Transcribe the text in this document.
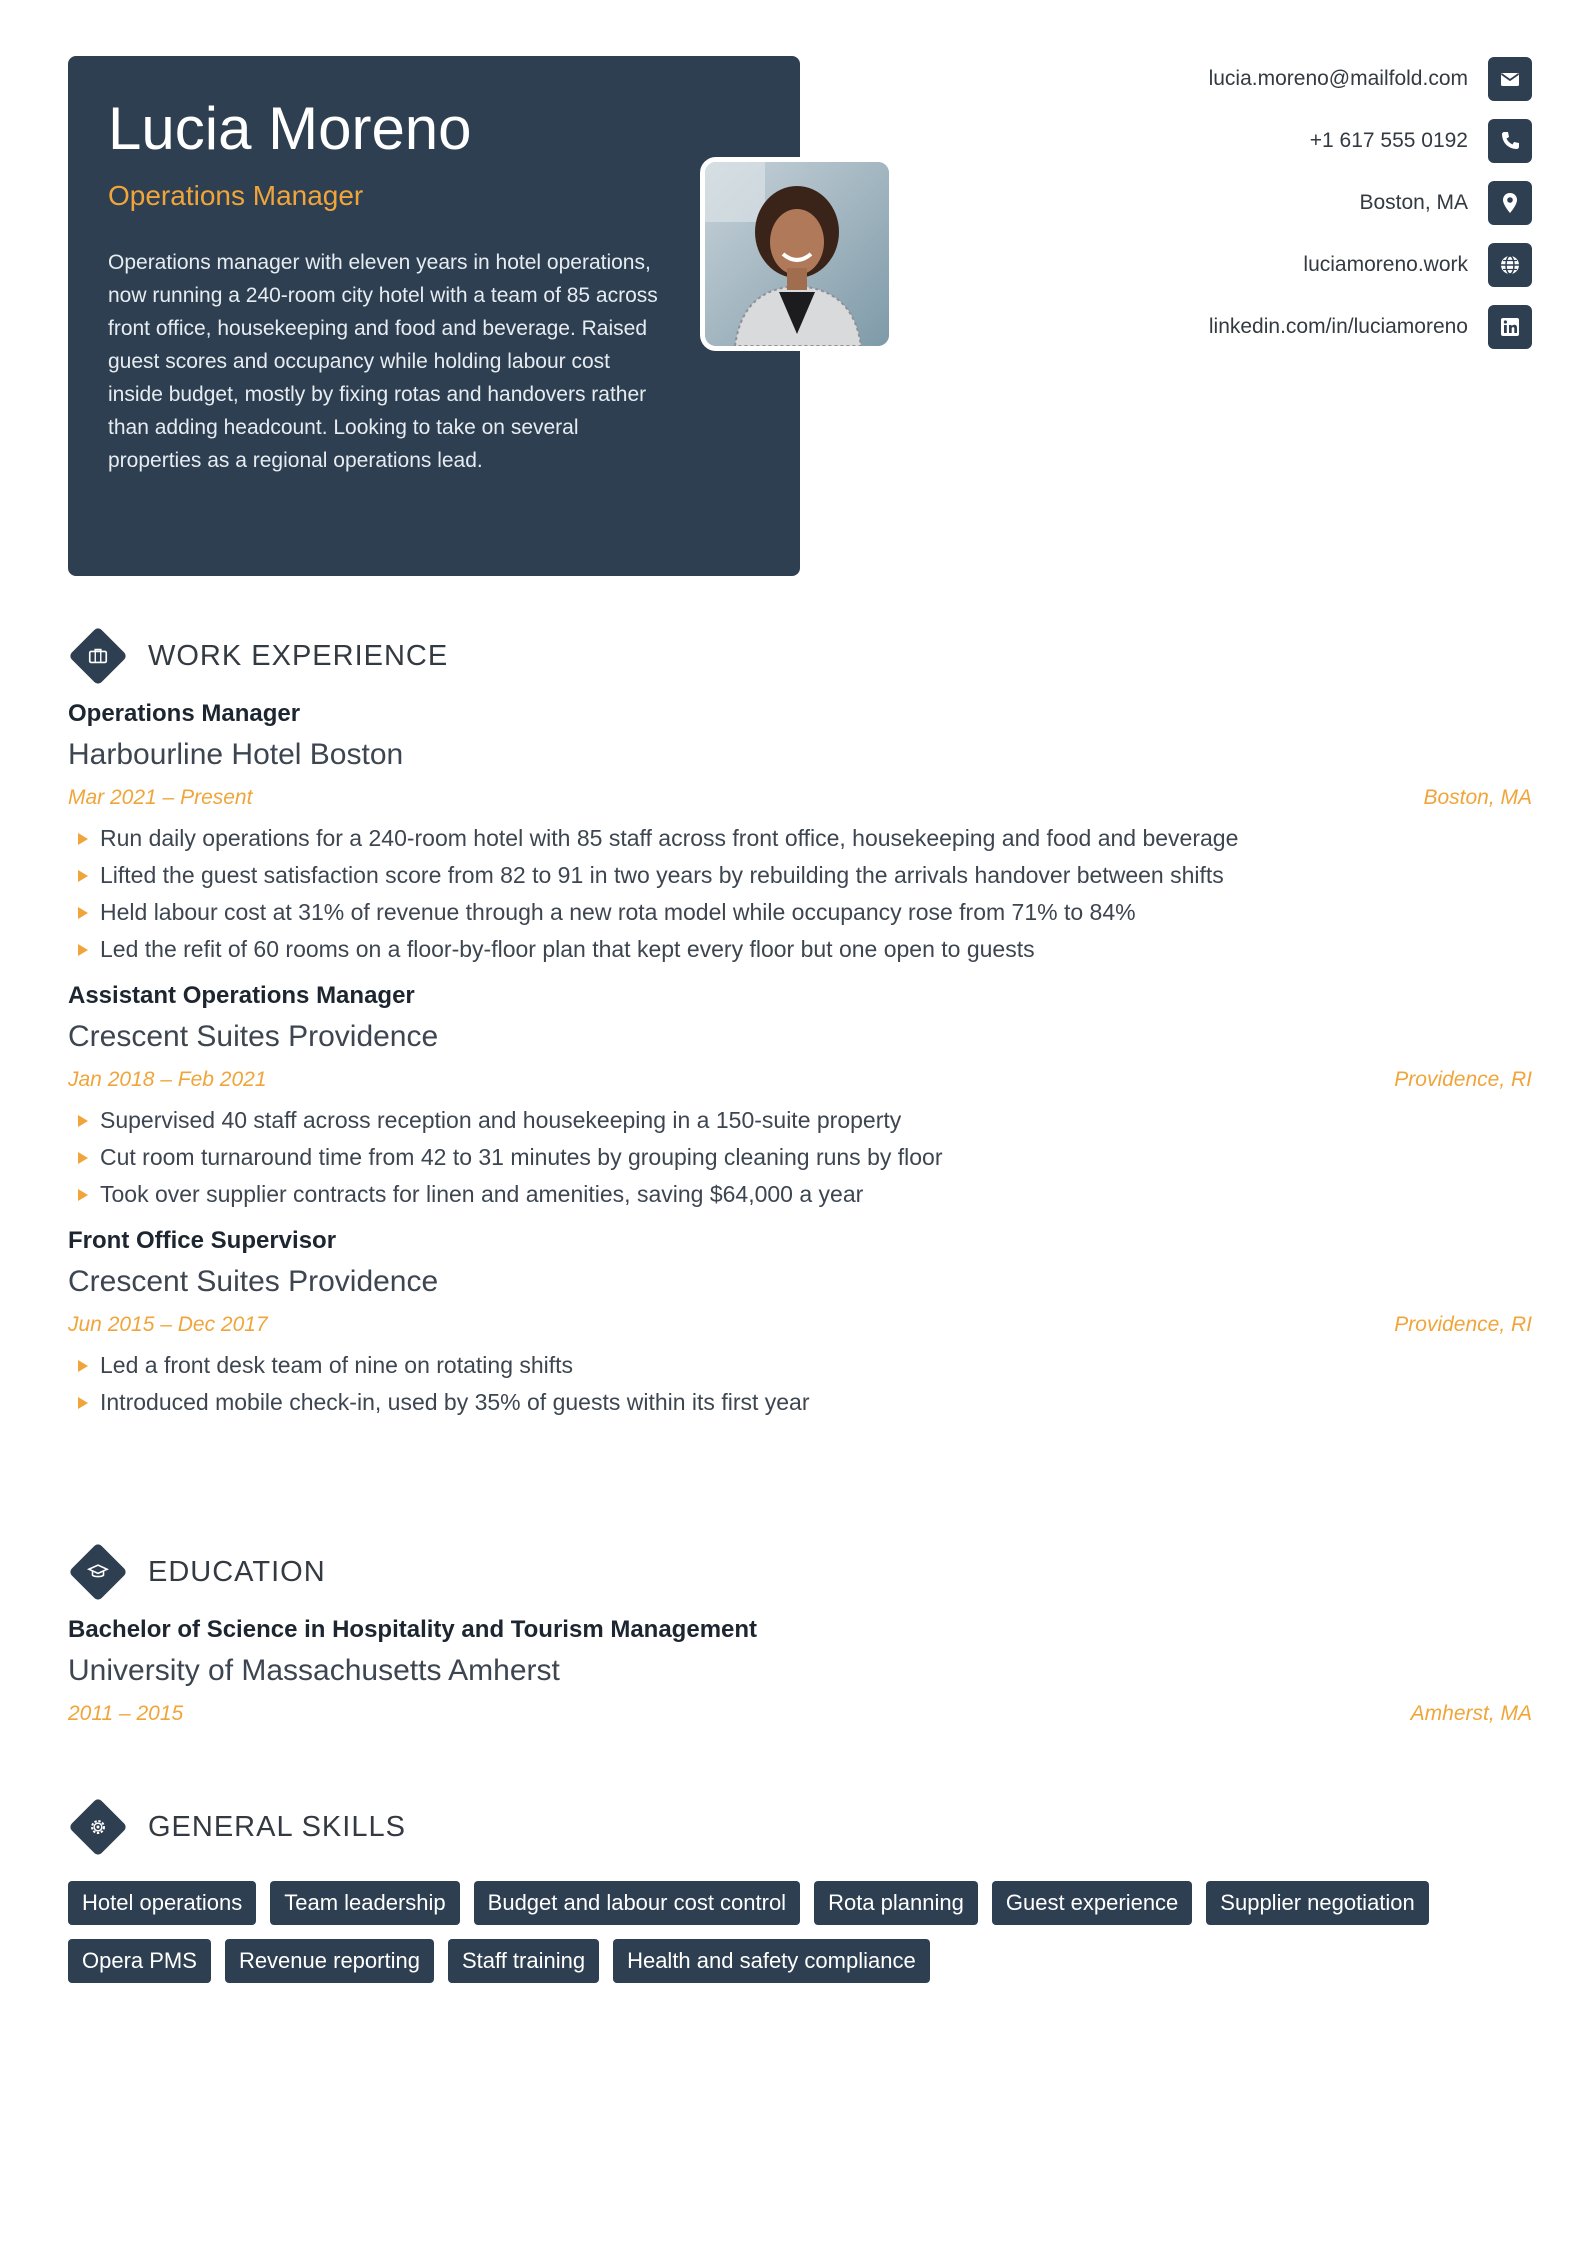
Lucia Moreno
Operations Manager
Operations manager with eleven years in hotel operations, now running a 240-room city hotel with a team of 85 across front office, housekeeping and food and beverage. Raised guest scores and occupancy while holding labour cost inside budget, mostly by fixing rotas and handovers rather than adding headcount. Looking to take on several properties as a regional operations lead.
lucia.moreno@mailfold.com
+1 617 555 0192
Boston, MA
luciamoreno.work
linkedin.com/in/luciamoreno
WORK EXPERIENCE
Operations Manager
Harbourline Hotel Boston
Mar 2021 – Present	Boston, MA
Run daily operations for a 240-room hotel with 85 staff across front office, housekeeping and food and beverage
Lifted the guest satisfaction score from 82 to 91 in two years by rebuilding the arrivals handover between shifts
Held labour cost at 31% of revenue through a new rota model while occupancy rose from 71% to 84%
Led the refit of 60 rooms on a floor-by-floor plan that kept every floor but one open to guests
Assistant Operations Manager
Crescent Suites Providence
Jan 2018 – Feb 2021	Providence, RI
Supervised 40 staff across reception and housekeeping in a 150-suite property
Cut room turnaround time from 42 to 31 minutes by grouping cleaning runs by floor
Took over supplier contracts for linen and amenities, saving $64,000 a year
Front Office Supervisor
Crescent Suites Providence
Jun 2015 – Dec 2017	Providence, RI
Led a front desk team of nine on rotating shifts
Introduced mobile check-in, used by 35% of guests within its first year
EDUCATION
Bachelor of Science in Hospitality and Tourism Management
University of Massachusetts Amherst
2011 – 2015	Amherst, MA
GENERAL SKILLS
Hotel operations	Team leadership	Budget and labour cost control	Rota planning	Guest experience	Supplier negotiation
Opera PMS	Revenue reporting	Staff training	Health and safety compliance
